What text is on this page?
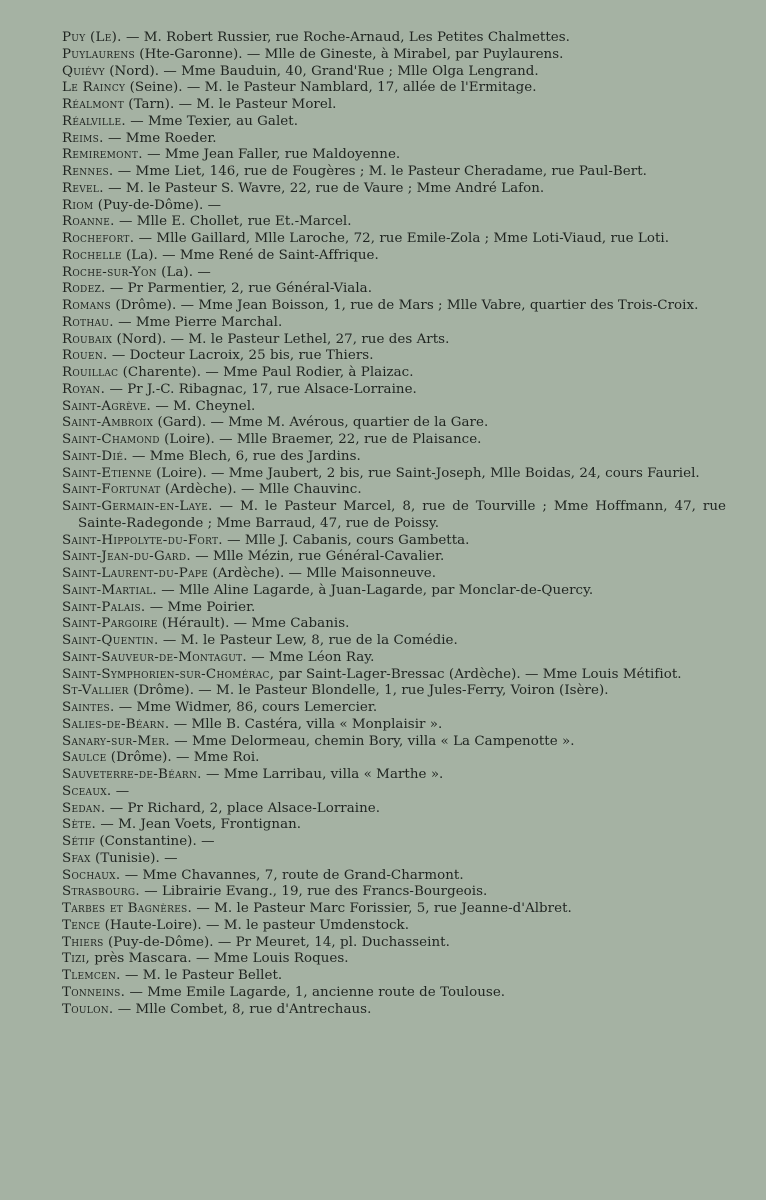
Puy (Le). — M. Robert Russier, rue Roche-Arnaud, Les Petites Chalmettes.
Puylaurens (Hte-Garonne). — Mlle de Gineste, à Mirabel, par Puylaurens.
Quiévy (Nord). — Mme Bauduin, 40, Grand'Rue ; Mlle Olga Lengrand.
Le Raincy (Seine). — M. le Pasteur Namblard, 17, allée de l'Ermitage.
Réalmont (Tarn). — M. le Pasteur Morel.
Réalville. — Mme Texier, au Galet.
Reims. — Mme Roeder.
Remiremont. — Mme Jean Faller, rue Maldoyenne.
Rennes. — Mme Liet, 146, rue de Fougères ; M. le Pasteur Cheradame, rue Paul-Bert.
Revel. — M. le Pasteur S. Wavre, 22, rue de Vaure ; Mme André Lafon.
Riom (Puy-de-Dôme). —
Roanne. — Mlle E. Chollet, rue Et.-Marcel.
Rochefort. — Mlle Gaillard, Mlle Laroche, 72, rue Emile-Zola ; Mme Loti-Viaud, rue Loti.
Rochelle (La). — Mme René de Saint-Affrique.
Roche-sur-Yon (La). —
Rodez. — Pr Parmentier, 2, rue Général-Viala.
Romans (Drôme). — Mme Jean Boisson, 1, rue de Mars ; Mlle Vabre, quartier des Trois-Croix.
Rothau. — Mme Pierre Marchal.
Roubaix (Nord). — M. le Pasteur Lethel, 27, rue des Arts.
Rouen. — Docteur Lacroix, 25 bis, rue Thiers.
Rouillac (Charente). — Mme Paul Rodier, à Plaizac.
Royan. — Pr J.-C. Ribagnac, 17, rue Alsace-Lorraine.
Saint-Agrève. — M. Cheynel.
Saint-Ambroix (Gard). — Mme M. Avérous, quartier de la Gare.
Saint-Chamond (Loire). — Mlle Braemer, 22, rue de Plaisance.
Saint-Dié. — Mme Blech, 6, rue des Jardins.
Saint-Etienne (Loire). — Mme Jaubert, 2 bis, rue Saint-Joseph, Mlle Boidas, 24, cours Fauriel.
Saint-Fortunat (Ardèche). — Mlle Chauvinc.
Saint-Germain-en-Laye. — M. le Pasteur Marcel, 8, rue de Tourville ; Mme Hoffmann, 47, rue Sainte-Radegonde ; Mme Barraud, 47, rue de Poissy.
Saint-Hippolyte-du-Fort. — Mlle J. Cabanis, cours Gambetta.
Saint-Jean-du-Gard. — Mlle Mézin, rue Général-Cavalier.
Saint-Laurent-du-Pape (Ardèche). — Mlle Maisonneuve.
Saint-Martial. — Mlle Aline Lagarde, à Juan-Lagarde, par Monclar-de-Quercy.
Saint-Palais. — Mme Poirier.
Saint-Pargoire (Hérault). — Mme Cabanis.
Saint-Quentin. — M. le Pasteur Lew, 8, rue de la Comédie.
Saint-Sauveur-de-Montagut. — Mme Léon Ray.
Saint-Symphorien-sur-Chomérac, par Saint-Lager-Bressac (Ardèche). — Mme Louis Métifiot.
St-Vallier (Drôme). — M. le Pasteur Blondelle, 1, rue Jules-Ferry, Voiron (Isère).
Saintes. — Mme Widmer, 86, cours Lemercier.
Salies-de-Béarn. — Mlle B. Castéra, villa « Monplaisir ».
Sanary-sur-Mer. — Mme Delormeau, chemin Bory, villa « La Campenotte ».
Saulce (Drôme). — Mme Roi.
Sauveterre-de-Béarn. — Mme Larribau, villa « Marthe ».
Sceaux. —
Sedan. — Pr Richard, 2, place Alsace-Lorraine.
Sète. — M. Jean Voets, Frontignan.
Sétif (Constantine). —
Sfax (Tunisie). —
Sochaux. — Mme Chavannes, 7, route de Grand-Charmont.
Strasbourg. — Librairie Evang., 19, rue des Francs-Bourgeois.
Tarbes et Bagnères. — M. le Pasteur Marc Forissier, 5, rue Jeanne-d'Albret.
Tence (Haute-Loire). — M. le pasteur Umdenstock.
Thiers (Puy-de-Dôme). — Pr Meuret, 14, pl. Duchasseint.
Tizi, près Mascara. — Mme Louis Roques.
Tlemcen. — M. le Pasteur Bellet.
Tonneins. — Mme Emile Lagarde, 1, ancienne route de Toulouse.
Toulon. — Mlle Combet, 8, rue d'Antrechaus.
